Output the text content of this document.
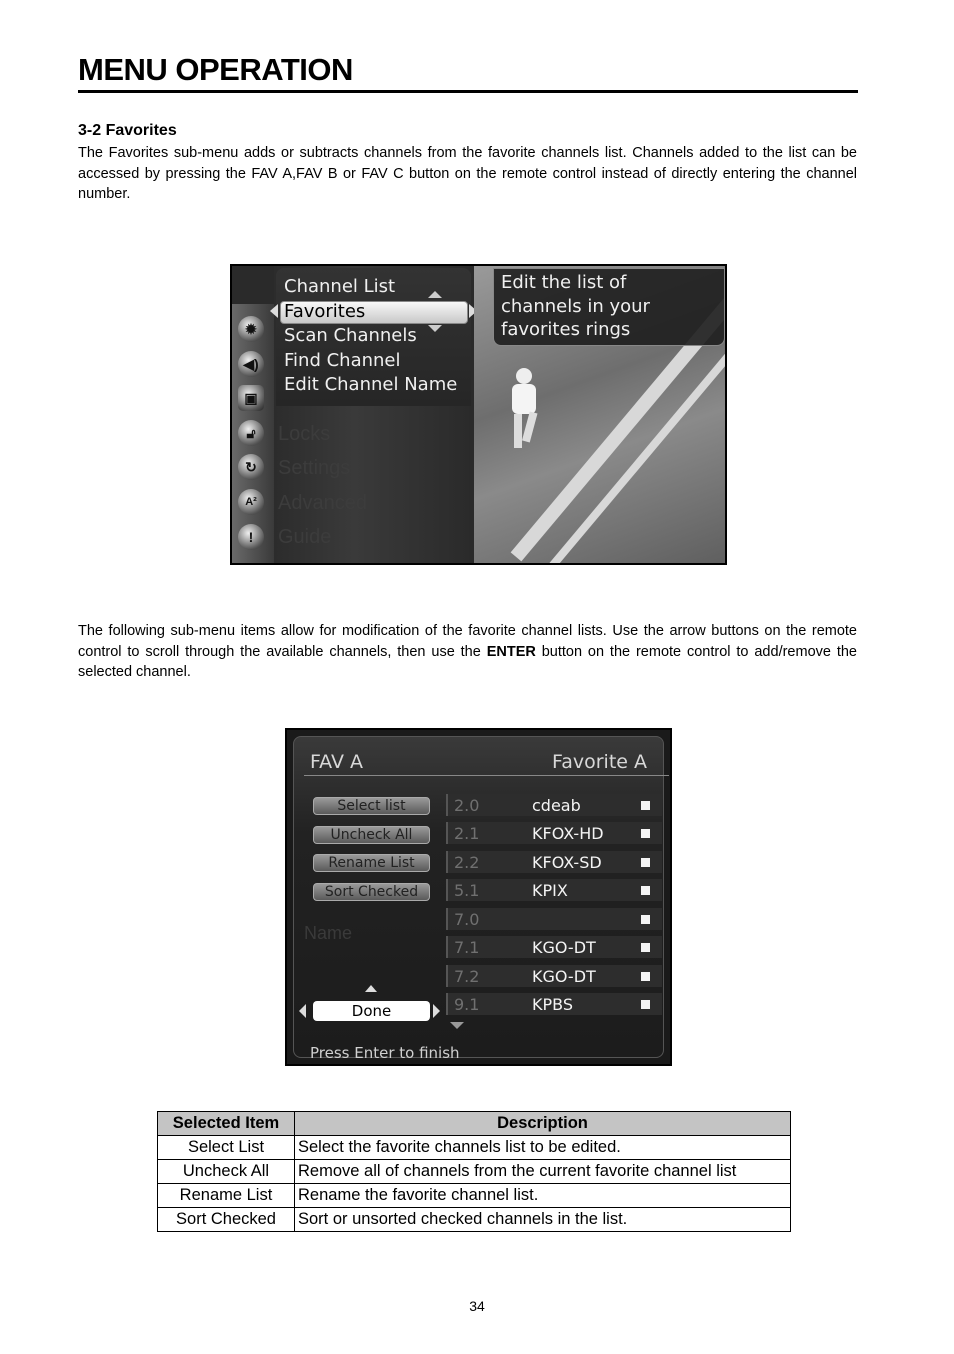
MENU OPERATION
3-2 Favorites
The Favorites sub-menu adds or subtracts channels from the favorite channels list. Channels added to the list can be accessed by pressing the FAV A,FAV B or FAV C button on the remote control instead of directly entering the channel number.
✹
◀)
▣
🔓︎
↻
A²
!
Locks
Settings
Advanced
Guide
Channel List
Favorites
Scan Channels
Find Channel
Edit Channel Name
Edit the list of
channels in your
favorites rings
The following sub-menu items allow for modification of the favorite channel lists. Use the arrow buttons on the remote control to scroll through the available channels, then use the ENTER button on the remote control to add/remove the selected channel.
FAV A	Favorite A
Select list
Uncheck All
Rename List
Sort Checked
Name
Done
2.0	cdeab
2.1	KFOX-HD
2.2	KFOX-SD
5.1	KPIX
7.0
7.1	KGO-DT
7.2	KGO-DT
9.1	KPBS
Press Enter to finish
Selected Item	Description
Select List	Select the favorite channels list to be edited.
Uncheck All	Remove all of channels from the current favorite channel list
Rename List	Rename the favorite channel list.
Sort Checked	Sort or unsorted checked channels in the list.
34
